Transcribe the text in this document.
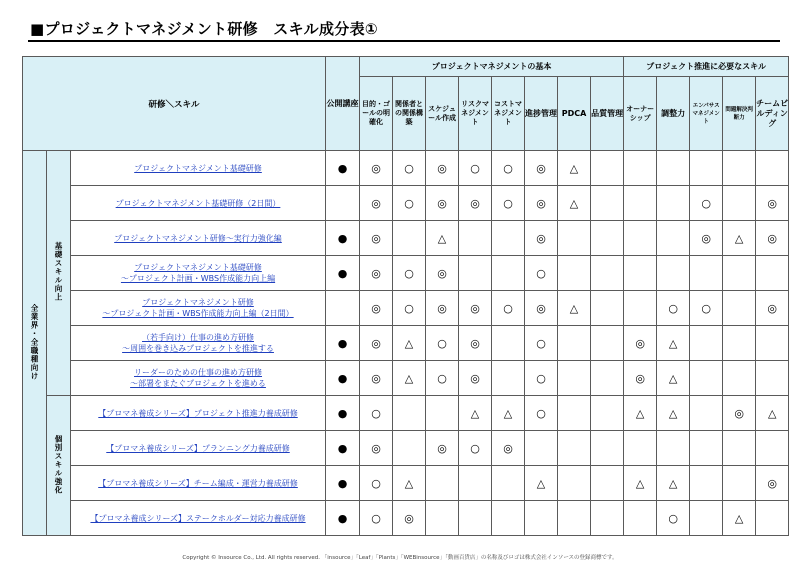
■プロジェクトマネジメント研修　スキル成分表①
研修＼スキル			公開講座	プロジェクトマネジメントの基本								プロジェクト推進に必要なスキル				
				目的・ゴールの明確化	関係者との関係構築	スケジュール作成	リスクマネジメント	コストマネジメント	進捗管理	PDCA	品質管理	オーナーシップ	調整力	エンパサスマネジメント	問題解決判断力	チームビルディング
全業界・全職種向け	基礎スキル向上	プロジェクトマネジメント基礎研修	●	◎	○	◎	○	○	◎	△						
		プロジェクトマネジメント基礎研修（2日間）		◎	○	◎	◎	○	◎	△				○		◎
		プロジェクトマネジメント研修～実行力強化編	●	◎		△			◎					◎	△	◎
		プロジェクトマネジメント基礎研修
～プロジェクト計画・WBS作成能力向上編	●	◎	○	◎			○							
		プロジェクトマネジメント研修
～プロジェクト計画・WBS作成能力向上編（2日間）		◎	○	◎	◎	○	◎	△			○	○		◎
		（若手向け）仕事の進め方研修
～周囲を巻き込みプロジェクトを推進する	●	◎	△	○	◎		○			◎	△			
		リーダーのための仕事の進め方研修
～部署をまたぐプロジェクトを進める	●	◎	△	○	◎		○			◎	△			
	個別スキル強化	【プロマネ養成シリーズ】プロジェクト推進力養成研修	●	○			△	△	○			△	△		◎	△
		【プロマネ養成シリーズ】プランニング力養成研修	●	◎		◎	○	◎								
		【プロマネ養成シリーズ】チーム編成・運営力養成研修	●	○	△				△			△	△			◎
		【プロマネ養成シリーズ】ステークホルダー対応力養成研修	●	○	◎								○		△	
Copyright © Insource Co., Ltd. All rights reserved. 「insource」「Leaf」「Plants」「WEBinsource」「動画百貨店」の名称及びロゴは株式会社インソースの登録商標です。
